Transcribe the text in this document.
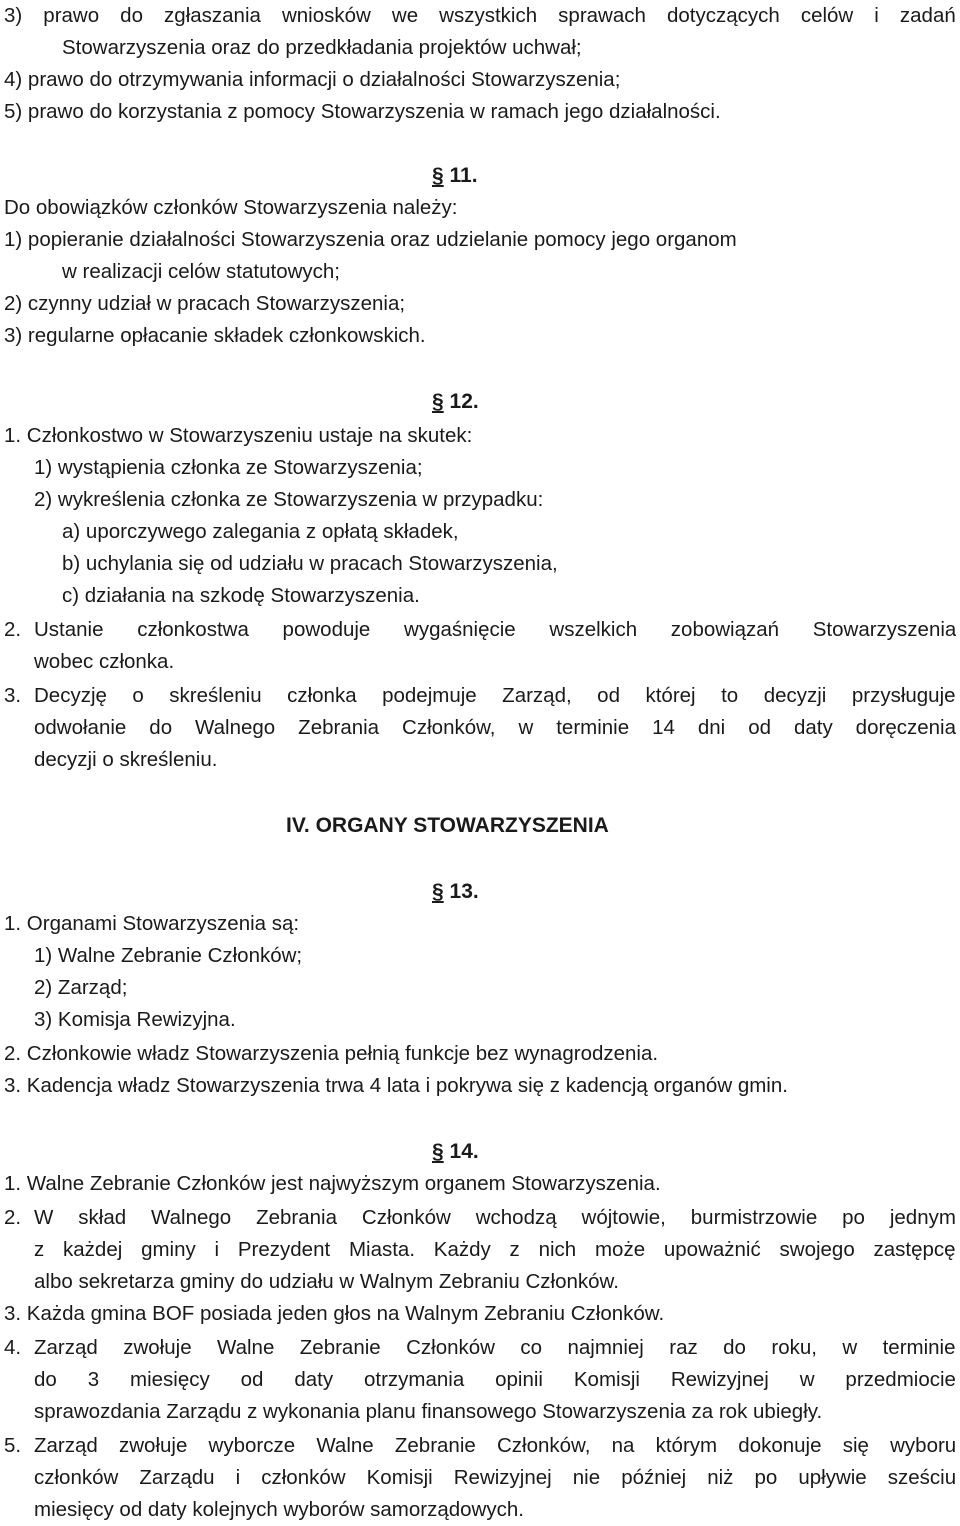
3) prawo do zgłaszania wniosków we wszystkich sprawach dotyczących celów i zadań
Stowarzyszenia oraz do przedkładania projektów uchwał;
4) prawo do otrzymywania informacji o działalności Stowarzyszenia;
5) prawo do korzystania z pomocy Stowarzyszenia w ramach jego działalności.
§ 11.
Do obowiązków członków Stowarzyszenia należy:
1) popieranie działalności Stowarzyszenia oraz udzielanie pomocy jego organom
w realizacji celów statutowych;
2) czynny udział w pracach Stowarzyszenia;
3) regularne opłacanie składek członkowskich.
§ 12.
1. Członkostwo w Stowarzyszeniu ustaje na skutek:
1) wystąpienia członka ze Stowarzyszenia;
2) wykreślenia członka ze Stowarzyszenia w przypadku:
a) uporczywego zalegania z opłatą składek,
b) uchylania się od udziału w pracach Stowarzyszenia,
c) działania na szkodę Stowarzyszenia.
2. Ustanie członkostwa powoduje wygaśnięcie wszelkich zobowiązań Stowarzyszenia
wobec członka.
3. Decyzję o skreśleniu członka podejmuje Zarząd, od której to decyzji przysługuje
odwołanie do Walnego Zebrania Członków, w terminie 14 dni od daty doręczenia
decyzji o skreśleniu.
IV. ORGANY STOWARZYSZENIA
§ 13.
1. Organami Stowarzyszenia są:
1) Walne Zebranie Członków;
2) Zarząd;
3) Komisja Rewizyjna.
2. Członkowie władz Stowarzyszenia pełnią funkcje bez wynagrodzenia.
3. Kadencja władz Stowarzyszenia trwa 4 lata i pokrywa się z kadencją organów gmin.
§ 14.
1. Walne Zebranie Członków jest najwyższym organem Stowarzyszenia.
2. W skład Walnego Zebrania Członków wchodzą wójtowie, burmistrzowie po jednym
z każdej gminy i Prezydent Miasta. Każdy z nich może upoważnić swojego zastępcę
albo sekretarza gminy do udziału w Walnym Zebraniu Członków.
3. Każda gmina BOF posiada jeden głos na Walnym Zebraniu Członków.
4. Zarząd zwołuje Walne Zebranie Członków co najmniej raz do roku, w terminie
do 3 miesięcy od daty otrzymania opinii Komisji Rewizyjnej w przedmiocie
sprawozdania Zarządu z wykonania planu finansowego Stowarzyszenia za rok ubiegły.
5. Zarząd zwołuje wyborcze Walne Zebranie Członków, na którym dokonuje się wyboru
członków Zarządu i członków Komisji Rewizyjnej nie później niż po upływie sześciu
miesięcy od daty kolejnych wyborów samorządowych.
